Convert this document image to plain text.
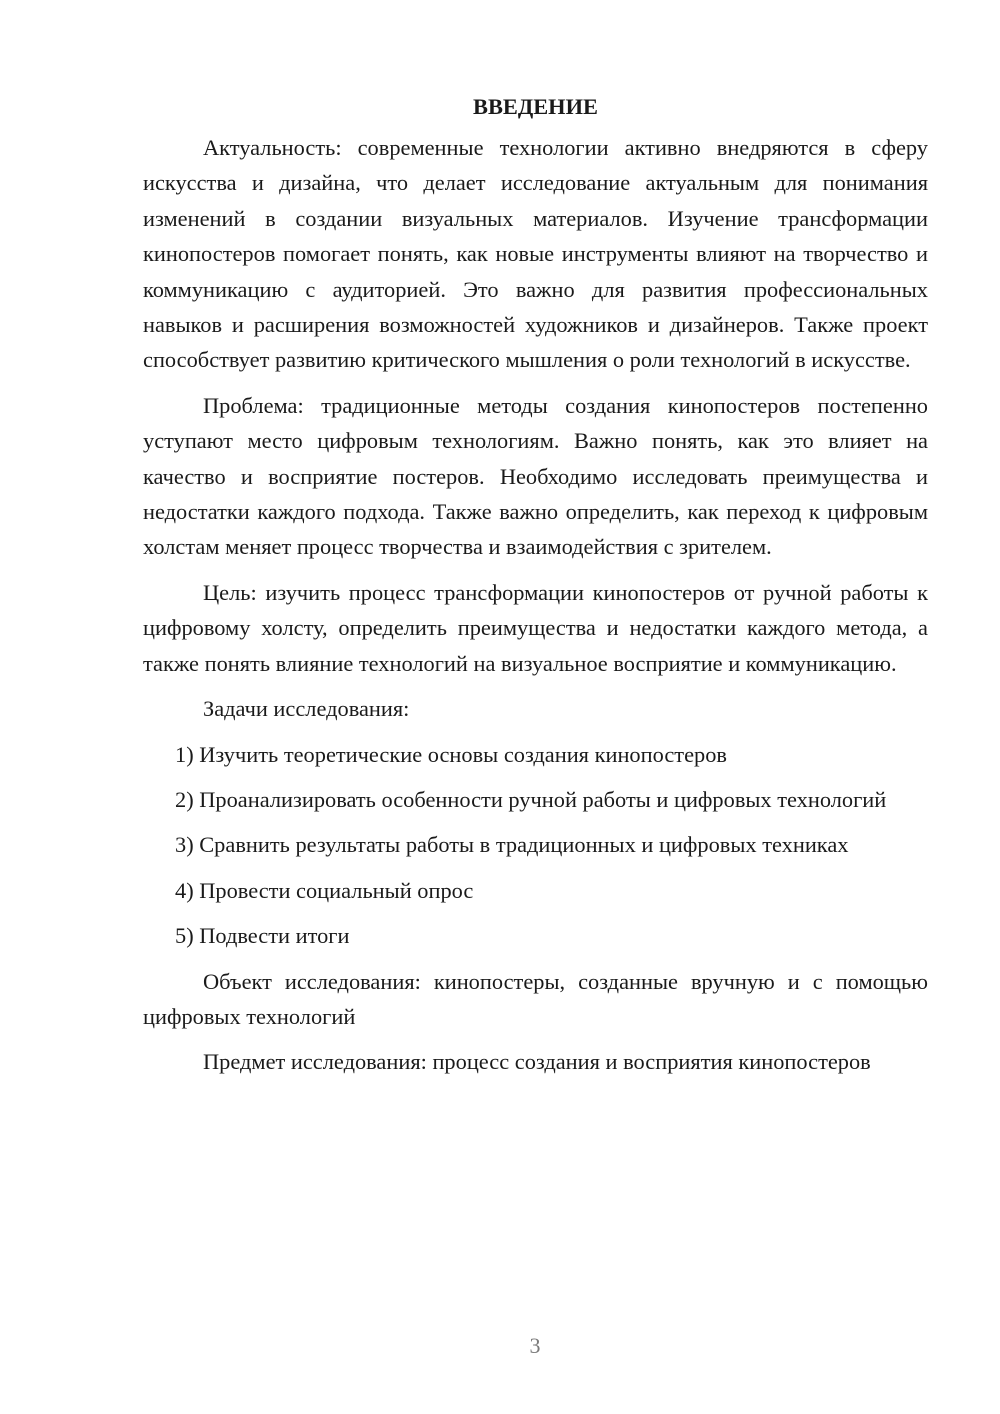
ВВЕДЕНИЕ

Актуальность: современные технологии активно внедряются в сферу искусства и дизайна, что делает исследование актуальным для понимания изменений в создании визуальных материалов. Изучение трансформации кинопостеров помогает понять, как новые инструменты влияют на творчество и коммуникацию с аудиторией. Это важно для развития профессиональных навыков и расширения возможностей художников и дизайнеров. Также проект способствует развитию критического мышления о роли технологий в искусстве.

Проблема: традиционные методы создания кинопостеров постепенно уступают место цифровым технологиям. Важно понять, как это влияет на качество и восприятие постеров. Необходимо исследовать преимущества и недостатки каждого подхода. Также важно определить, как переход к цифровым холстам меняет процесс творчества и взаимодействия с зрителем.

Цель: изучить процесс трансформации кинопостеров от ручной работы к цифровому холсту, определить преимущества и недостатки каждого метода, а также понять влияние технологий на визуальное восприятие и коммуникацию.

Задачи исследования:

1) Изучить теоретические основы создания кинопостеров

2) Проанализировать особенности ручной работы и цифровых технологий

3) Сравнить результаты работы в традиционных и цифровых техниках

4) Провести социальный опрос

5) Подвести итоги

Объект исследования: кинопостеры, созданные вручную и с помощью цифровых технологий

Предмет исследования: процесс создания и восприятия кинопостеров

3
